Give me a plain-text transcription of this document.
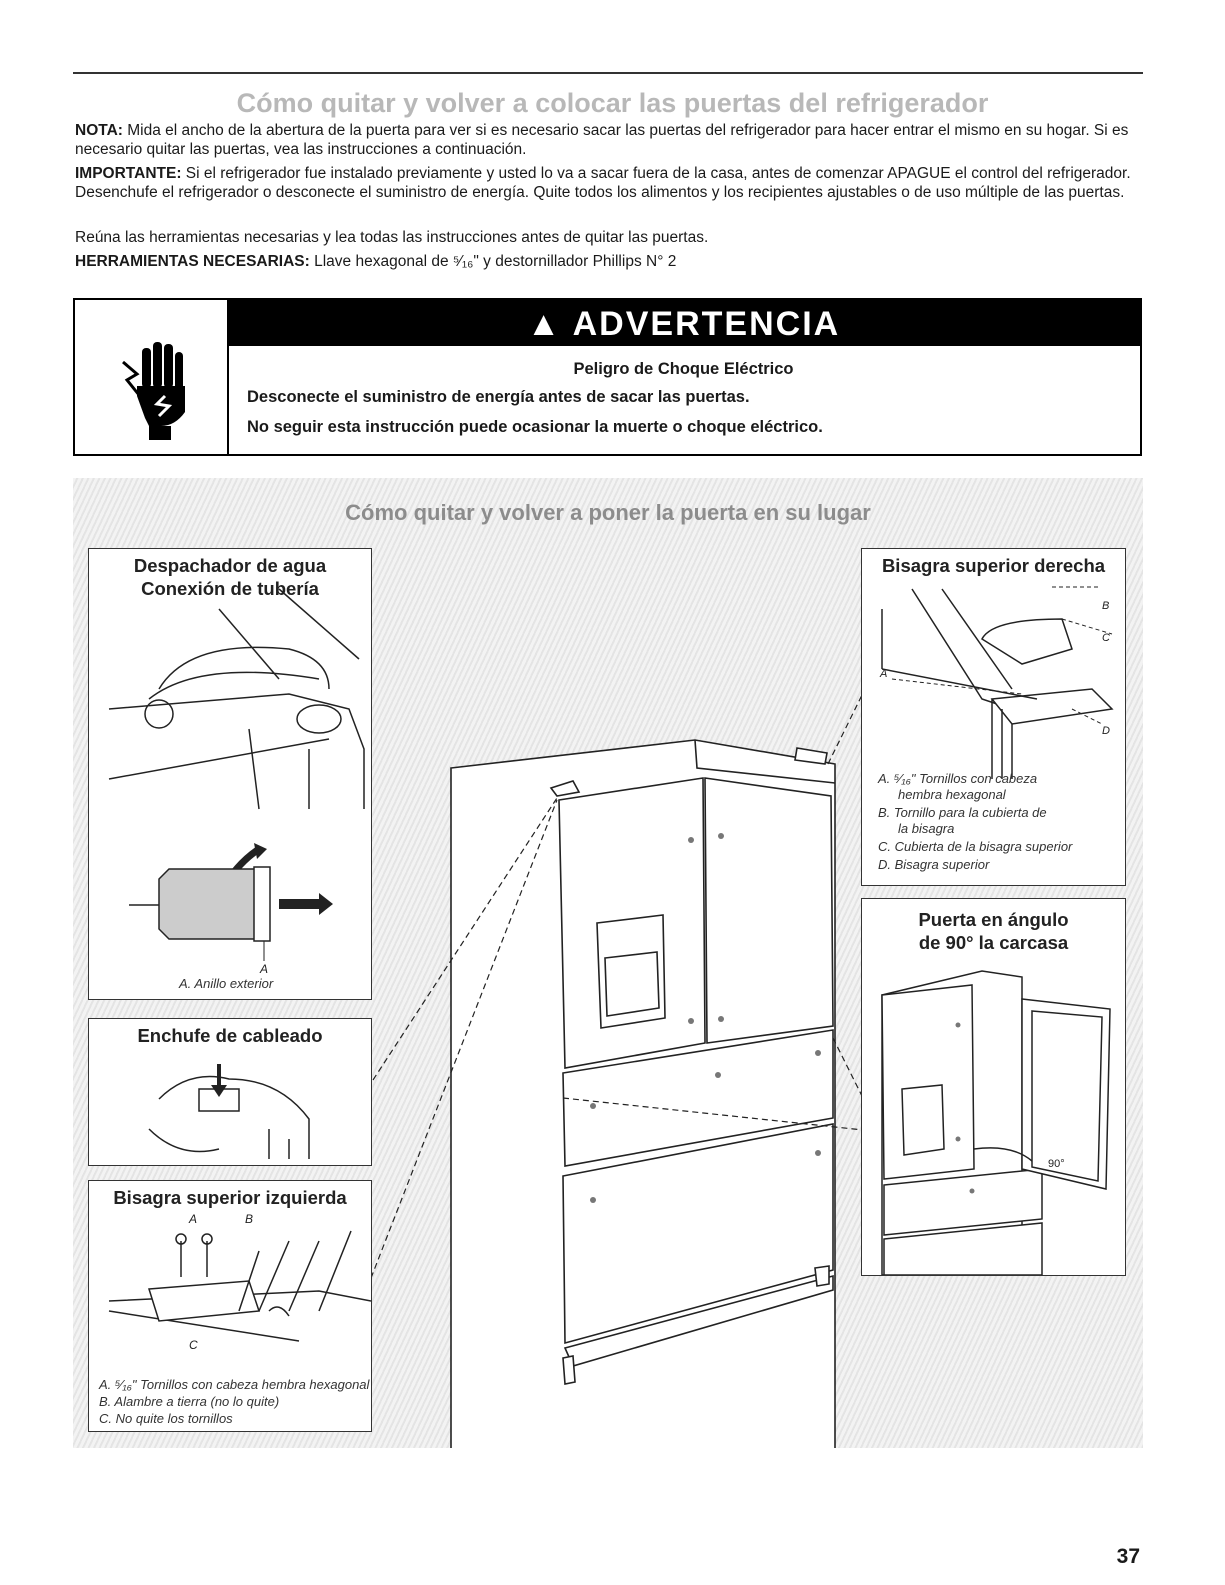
Cómo quitar y volver a colocar las puertas del refrigerador
NOTA: Mida el ancho de la abertura de la puerta para ver si es necesario sacar las puertas del refrigerador para hacer entrar el mismo en su hogar. Si es necesario quitar las puertas, vea las instrucciones a continuación.
IMPORTANTE: Si el refrigerador fue instalado previamente y usted lo va a sacar fuera de la casa, antes de comenzar APAGUE el control del refrigerador. Desenchufe el refrigerador o desconecte el suministro de energía. Quite todos los alimentos y los recipientes ajustables o de uso múltiple de las puertas.
Reúna las herramientas necesarias y lea todas las instrucciones antes de quitar las puertas.
HERRAMIENTAS NECESARIAS: Llave hexagonal de ⁵⁄₁₆" y destornillador Phillips N° 2
▲ ADVERTENCIA
Peligro de Choque Eléctrico
Desconecte el suministro de energía antes de sacar las puertas.
No seguir esta instrucción puede ocasionar la muerte o choque eléctrico.
Cómo quitar y volver a poner la puerta en su lugar
Despachador de agua
Conexión de tubería
A
A. Anillo exterior
Enchufe de cableado
Bisagra superior izquierda
A	B
C
A. ⁵⁄₁₆" Tornillos con cabeza hembra hexagonal
B. Alambre a tierra (no lo quite)
C. No quite los tornillos
Bisagra superior derecha
B
C
A
D
A. ⁵⁄₁₆" Tornillos con cabeza
hembra hexagonal
B. Tornillo para la cubierta de
la bisagra
C. Cubierta de la bisagra superior
D. Bisagra superior
Puerta en ángulo
de 90° la carcasa
90°
37
